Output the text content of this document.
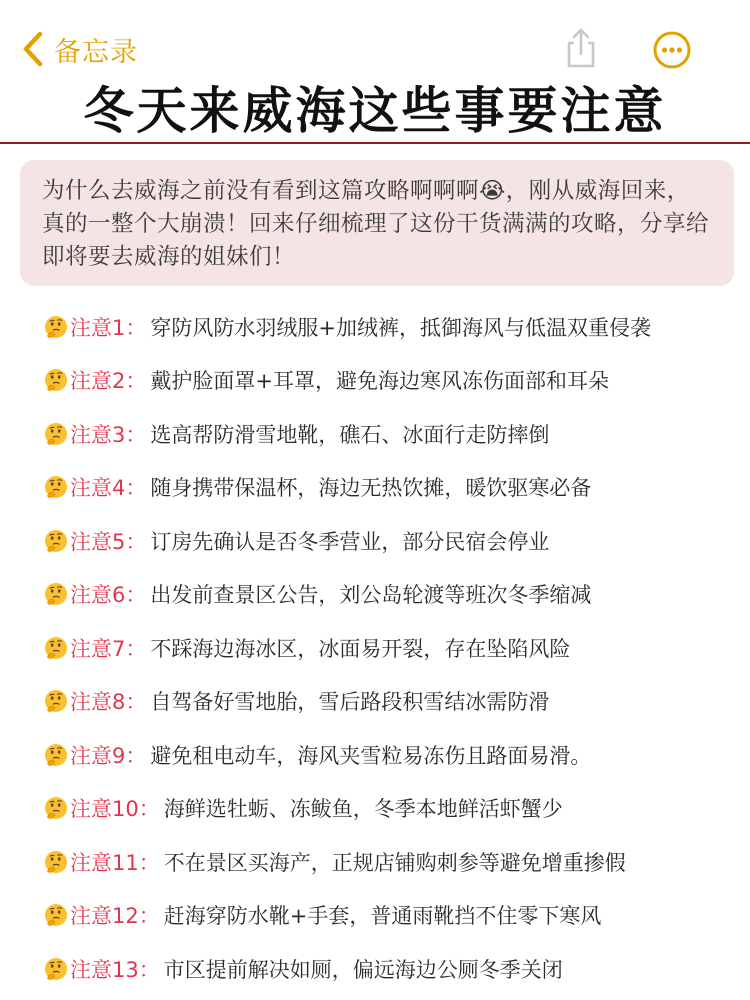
备忘录
冬天来威海这些事要注意
为什么去威海之前没有看到这篇攻略啊啊啊😭，刚从威海回来，真的一整个大崩溃！回来仔细梳理了这份干货满满的攻略，分享给即将要去威海的姐妹们！
注意1 ： 穿防风防水羽绒服+加绒裤，抵御海风与低温双重侵袭
注意2 ： 戴护脸面罩+耳罩，避免海边寒风冻伤面部和耳朵
注意3 ： 选高帮防滑雪地靴，礁石、冰面行走防摔倒
注意4 ： 随身携带保温杯，海边无热饮摊，暖饮驱寒必备
注意5 ： 订房先确认是否冬季营业，部分民宿会停业
注意6 ： 出发前查景区公告，刘公岛轮渡等班次冬季缩减
注意7 ： 不踩海边海冰区，冰面易开裂，存在坠陷风险
注意8 ： 自驾备好雪地胎，雪后路段积雪结冰需防滑
注意9 ： 避免租电动车，海风夹雪粒易冻伤且路面易滑。
注意10 ： 海鲜选牡蛎、冻鲅鱼，冬季本地鲜活虾蟹少
注意11 ： 不在景区买海产，正规店铺购刺参等避免增重掺假
注意12 ： 赶海穿防水靴+手套，普通雨靴挡不住零下寒风
注意13 ： 市区提前解决如厕，偏远海边公厕冬季关闭
